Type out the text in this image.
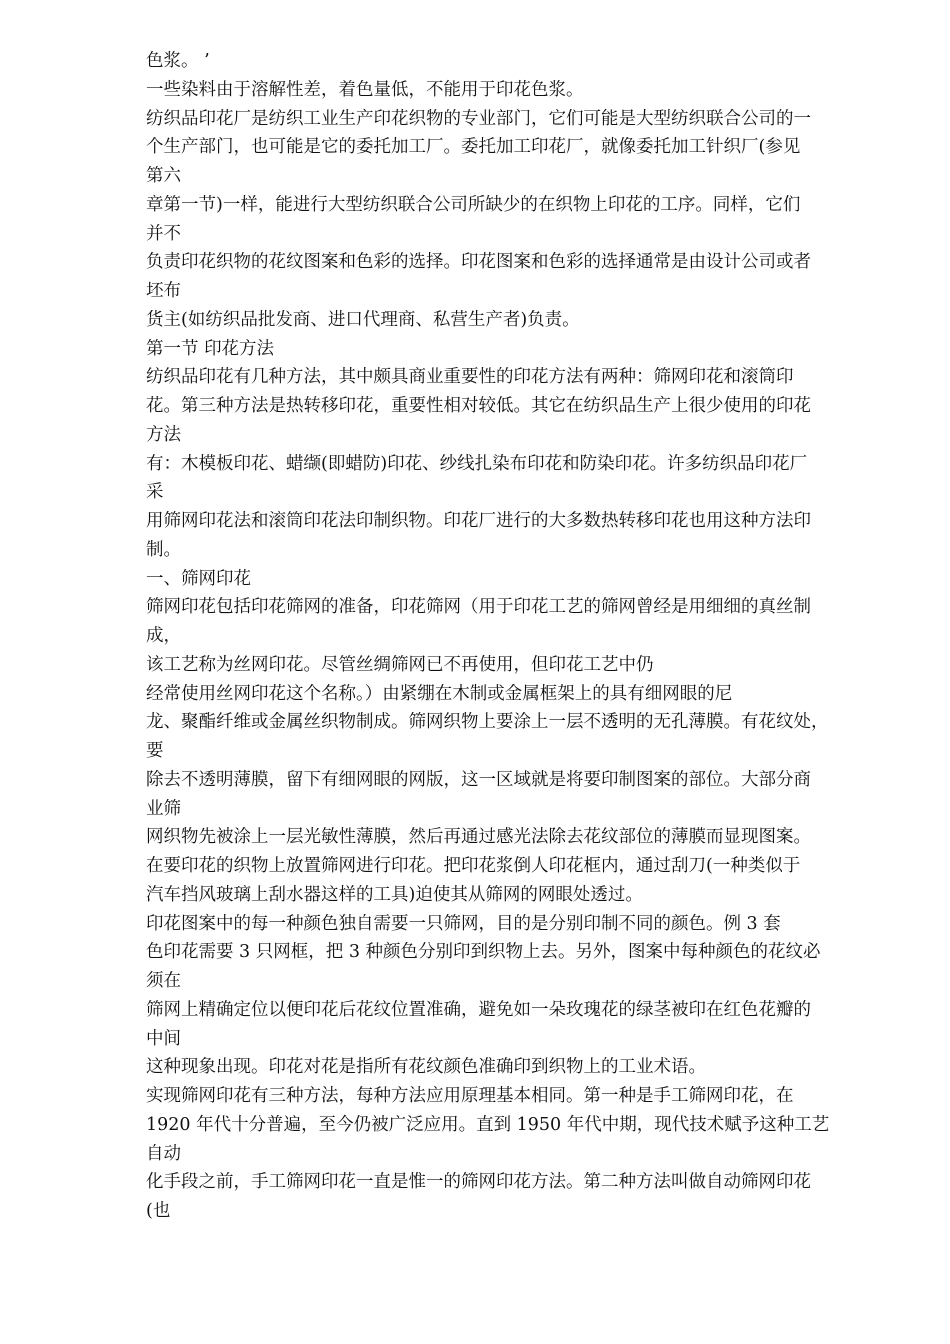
色浆。 ’
一些染料由于溶解性差，着色量低，不能用于印花色浆。
纺织品印花厂是纺织工业生产印花织物的专业部门，它们可能是大型纺织联合公司的一
个生产部门，也可能是它的委托加工厂。委托加工印花厂，就像委托加工针织厂(参见
第六
章第一节)一样，能进行大型纺织联合公司所缺少的在织物上印花的工序。同样，它们
并不
负责印花织物的花纹图案和色彩的选择。印花图案和色彩的选择通常是由设计公司或者
坯布
货主(如纺织品批发商、进口代理商、私营生产者)负责。
第一节 印花方法
纺织品印花有几种方法，其中颇具商业重要性的印花方法有两种：筛网印花和滚筒印
花。第三种方法是热转移印花，重要性相对较低。其它在纺织品生产上很少使用的印花
方法
有：木模板印花、蜡缬(即蜡防)印花、纱线扎染布印花和防染印花。许多纺织品印花厂
采
用筛网印花法和滚筒印花法印制织物。印花厂进行的大多数热转移印花也用这种方法印
制。
一、筛网印花
筛网印花包括印花筛网的准备，印花筛网（用于印花工艺的筛网曾经是用细细的真丝制
成，
该工艺称为丝网印花。尽管丝绸筛网已不再使用，但印花工艺中仍
经常使用丝网印花这个名称。）由紧绷在木制或金属框架上的具有细网眼的尼
龙、聚酯纤维或金属丝织物制成。筛网织物上要涂上一层不透明的无孔薄膜。有花纹处，
要
除去不透明薄膜，留下有细网眼的网版，这一区域就是将要印制图案的部位。大部分商
业筛
网织物先被涂上一层光敏性薄膜，然后再通过感光法除去花纹部位的薄膜而显现图案。
在要印花的织物上放置筛网进行印花。把印花浆倒人印花框内，通过刮刀(一种类似于
汽车挡风玻璃上刮水器这样的工具)迫使其从筛网的网眼处透过。
印花图案中的每一种颜色独自需要一只筛网，目的是分别印制不同的颜色。例 3 套
色印花需要 3 只网框，把 3 种颜色分别印到织物上去。另外，图案中每种颜色的花纹必
须在
筛网上精确定位以便印花后花纹位置准确，避免如一朵玫瑰花的绿茎被印在红色花瓣的
中间
这种现象出现。印花对花是指所有花纹颜色准确印到织物上的工业术语。
实现筛网印花有三种方法，每种方法应用原理基本相同。第一种是手工筛网印花，在
1920 年代十分普遍，至今仍被广泛应用。直到 1950 年代中期，现代技术赋予这种工艺
自动
化手段之前，手工筛网印花一直是惟一的筛网印花方法。第二种方法叫做自动筛网印花
(也
